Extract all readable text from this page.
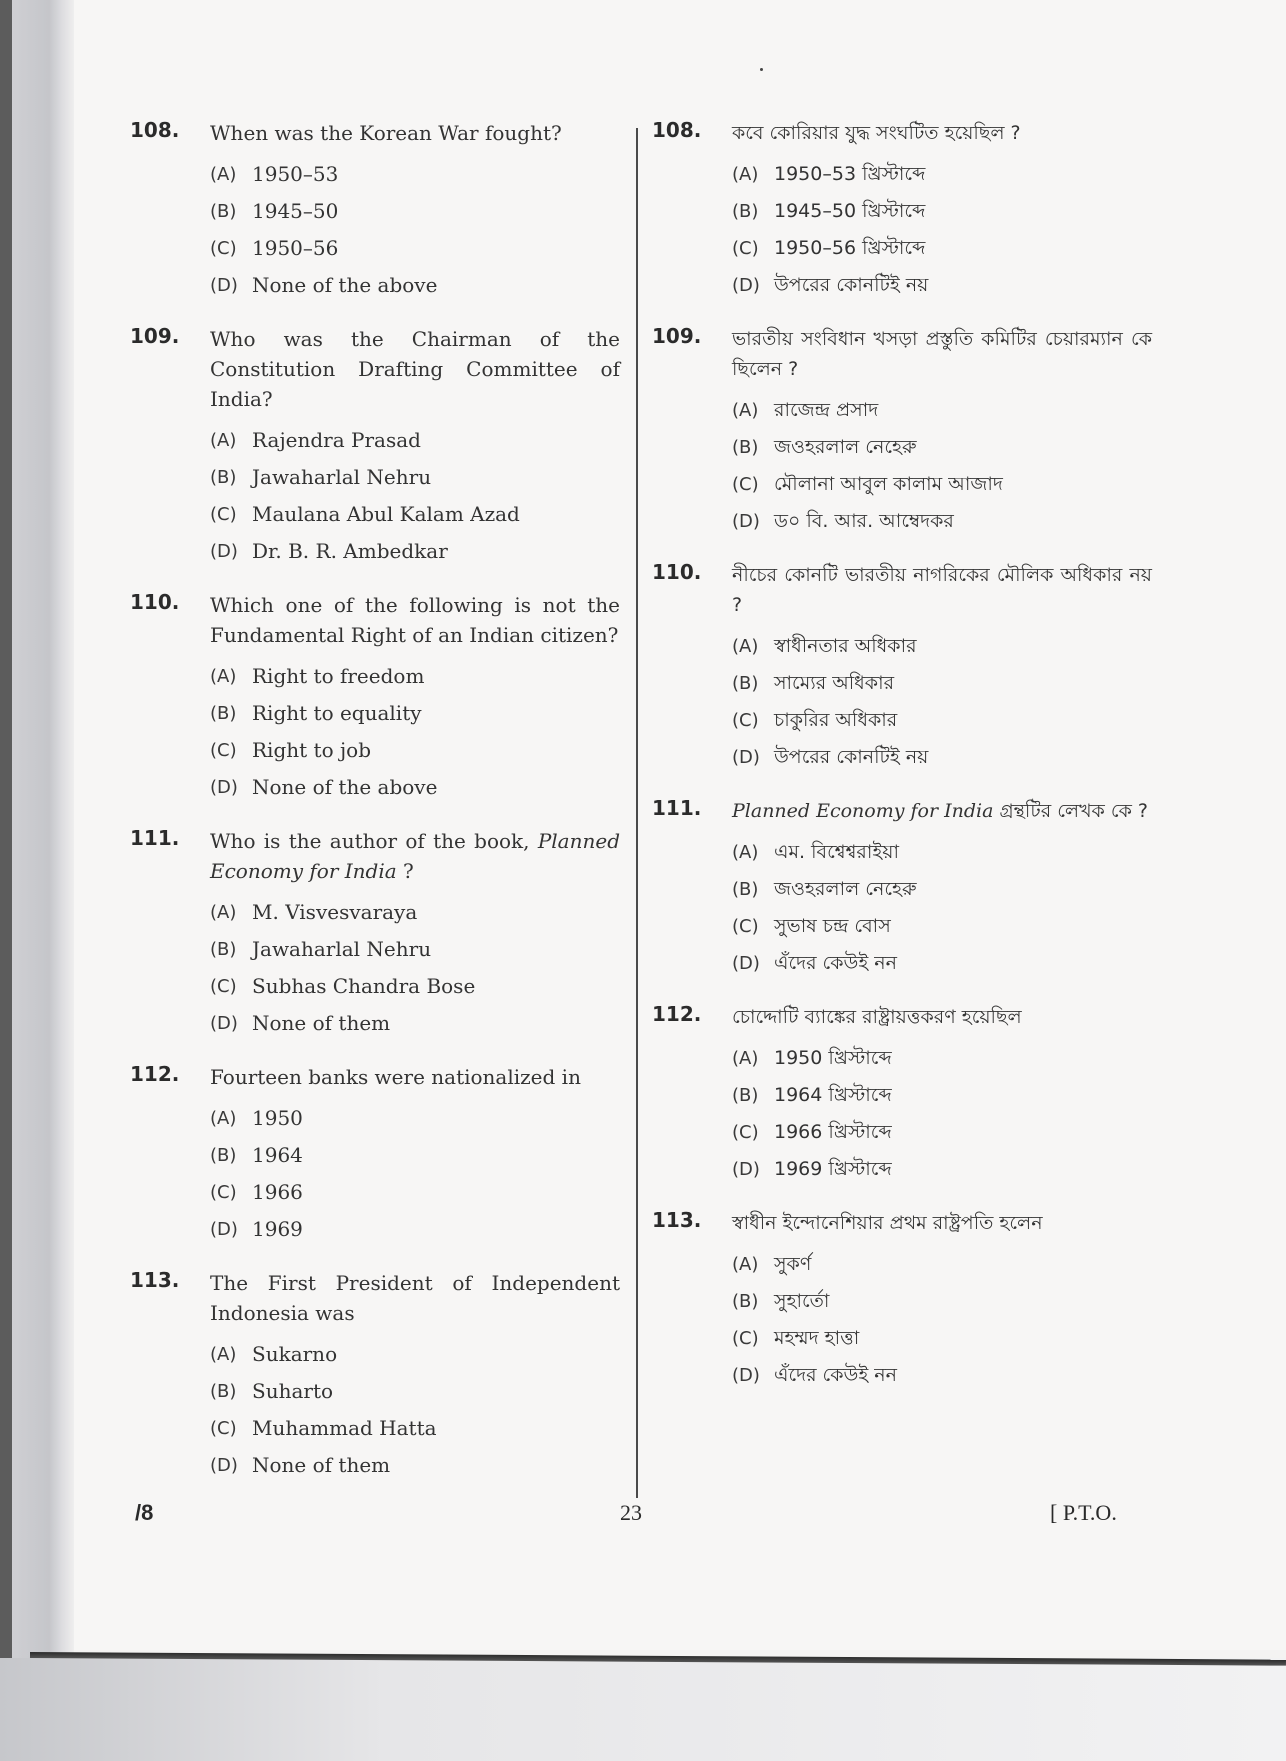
108. When was the Korean War fought?
(A) 1950–53
(B) 1945–50
(C) 1950–56
(D) None of the above
109. Who was the Chairman of the Constitution Drafting Committee of India?
(A) Rajendra Prasad
(B) Jawaharlal Nehru
(C) Maulana Abul Kalam Azad
(D) Dr. B. R. Ambedkar
110. Which one of the following is not the Fundamental Right of an Indian citizen?
(A) Right to freedom
(B) Right to equality
(C) Right to job
(D) None of the above
111. Who is the author of the book, Planned Economy for India ?
(A) M. Visvesvaraya
(B) Jawaharlal Nehru
(C) Subhas Chandra Bose
(D) None of them
112. Fourteen banks were nationalized in
(A) 1950
(B) 1964
(C) 1966
(D) 1969
113. The First President of Independent Indonesia was
(A) Sukarno
(B) Suharto
(C) Muhammad Hatta
(D) None of them
108. কবে কোরিয়ার যুদ্ধ সংঘটিত হয়েছিল ?
(A) 1950–53 খ্রিস্টাব্দে
(B) 1945–50 খ্রিস্টাব্দে
(C) 1950–56 খ্রিস্টাব্দে
(D) উপরের কোনটিই নয়
109. ভারতীয় সংবিধান খসড়া প্রস্তুতি কমিটির চেয়ারম্যান কে ছিলেন ?
(A) রাজেন্দ্র প্রসাদ
(B) জওহরলাল নেহেরু
(C) মৌলানা আবুল কালাম আজাদ
(D) ড০ বি. আর. আম্বেদকর
110. নীচের কোনটি ভারতীয় নাগরিকের মৌলিক অধিকার নয় ?
(A) স্বাধীনতার অধিকার
(B) সাম্যের অধিকার
(C) চাকুরির অধিকার
(D) উপরের কোনটিই নয়
111. Planned Economy for India গ্রন্থটির লেখক কে ?
(A) এম. বিশ্বেশ্বরাইয়া
(B) জওহরলাল নেহেরু
(C) সুভাষ চন্দ্র বোস
(D) এঁদের কেউই নন
112. চোদ্দোটি ব্যাঙ্কের রাষ্ট্রায়ত্তকরণ হয়েছিল
(A) 1950 খ্রিস্টাব্দে
(B) 1964 খ্রিস্টাব্দে
(C) 1966 খ্রিস্টাব্দে
(D) 1969 খ্রিস্টাব্দে
113. স্বাধীন ইন্দোনেশিয়ার প্রথম রাষ্ট্রপতি হলেন
(A) সুকর্ণ
(B) সুহার্তো
(C) মহম্মদ হাত্তা
(D) এঁদের কেউই নন
/8	23	[ P.T.O.
